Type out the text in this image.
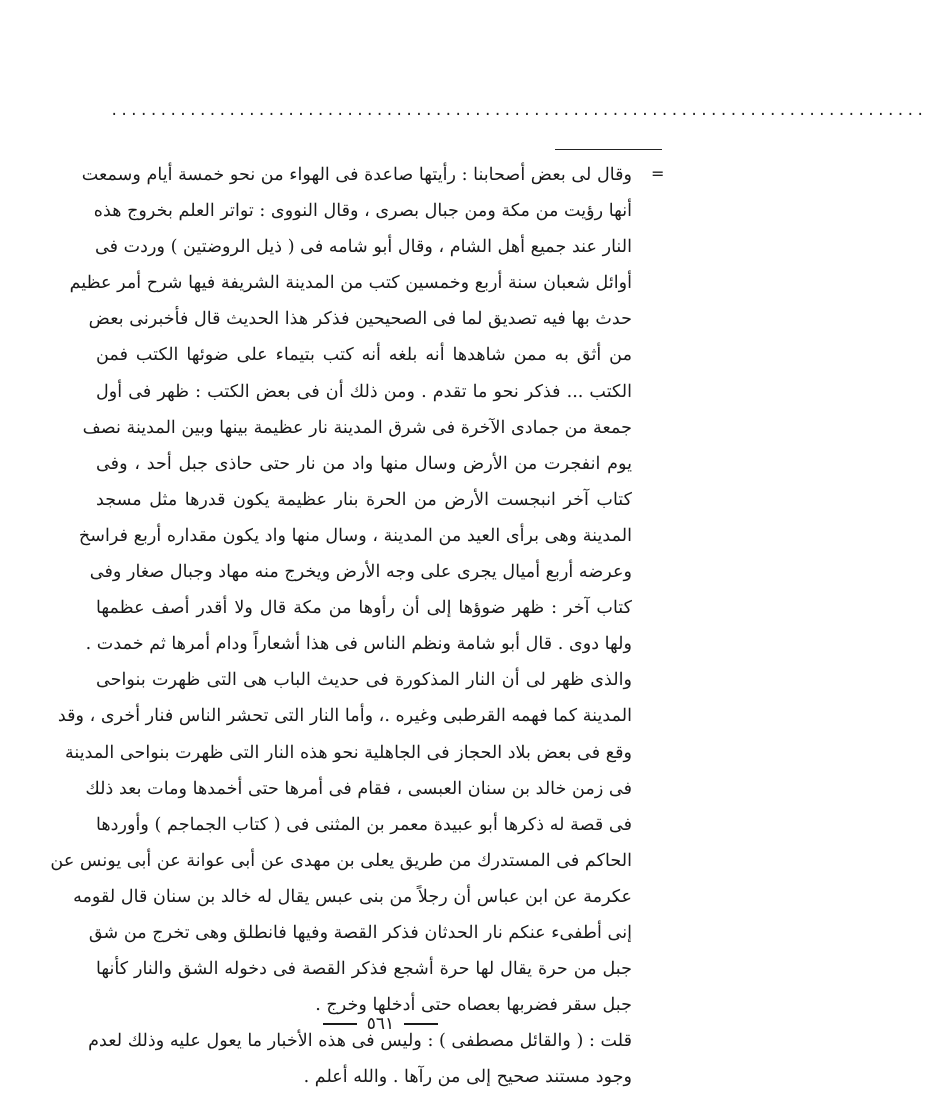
...................................................................................
=
وقال لى بعض أصحابنا : رأيتها صاعدة فى الهواء من نحو خمسة أيام وسمعت
أنها رؤيت من مكة ومن جبال بصرى ، وقال النووى : تواتر العلم بخروج هذه
النار عند جميع أهل الشام ، وقال أبو شامه فى ( ذيل الروضتين ) وردت فى
أوائل شعبان سنة أربع وخمسين كتب من المدينة الشريفة فيها شرح أمر عظيم
حدث بها فيه تصديق لما فى الصحيحين فذكر هذا الحديث قال فأخبرنى بعض
من أثق به ممن شاهدها أنه بلغه أنه كتب بتيماء على ضوئها الكتب فمن
الكتب ... فذكر نحو ما تقدم . ومن ذلك أن فى بعض الكتب : ظهر فى أول
جمعة من جمادى الآخرة فى شرق المدينة نار عظيمة بينها وبين المدينة نصف
يوم انفجرت من الأرض وسال منها واد من نار حتى حاذى جبل أحد ، وفى
كتاب آخر انبجست الأرض من الحرة بنار عظيمة يكون قدرها مثل مسجد
المدينة وهى برأى العيد من المدينة ، وسال منها واد يكون مقداره أربع فراسخ
وعرضه أربع أميال يجرى على وجه الأرض ويخرج منه مهاد وجبال صغار وفى
كتاب آخر : ظهر ضوؤها إلى أن رأوها من مكة قال ولا أقدر أصف عظمها
ولها دوى . قال أبو شامة ونظم الناس فى هذا أشعاراً ودام أمرها ثم خمدت .
والذى ظهر لى أن النار المذكورة فى حديث الباب هى التى ظهرت بنواحى
المدينة كما فهمه القرطبى وغيره .، وأما النار التى تحشر الناس فنار أخرى ، وقد
وقع فى بعض بلاد الحجاز فى الجاهلية نحو هذه النار التى ظهرت بنواحى المدينة
فى زمن خالد بن سنان العبسى ، فقام فى أمرها حتى أخمدها ومات بعد ذلك
فى قصة له ذكرها أبو عبيدة معمر بن المثنى فى ( كتاب الجماجم ) وأوردها
الحاكم فى المستدرك من طريق يعلى بن مهدى عن أبى عوانة عن أبى يونس عن
عكرمة عن ابن عباس أن رجلاً من بنى عبس يقال له خالد بن سنان قال لقومه
إنى أطفىء عنكم نار الحدثان فذكر القصة وفيها فانطلق وهى تخرج من شق
جبل من حرة يقال لها حرة أشجع فذكر القصة فى دخوله الشق والنار كأنها
جبل سقر فضربها بعصاه حتى أدخلها وخرج .
قلت : ( والقائل مصطفى ) : وليس فى هذه الأخبار ما يعول عليه وذلك لعدم
وجود مستند صحيح إلى من رآها . والله أعلم .
٥٦١
